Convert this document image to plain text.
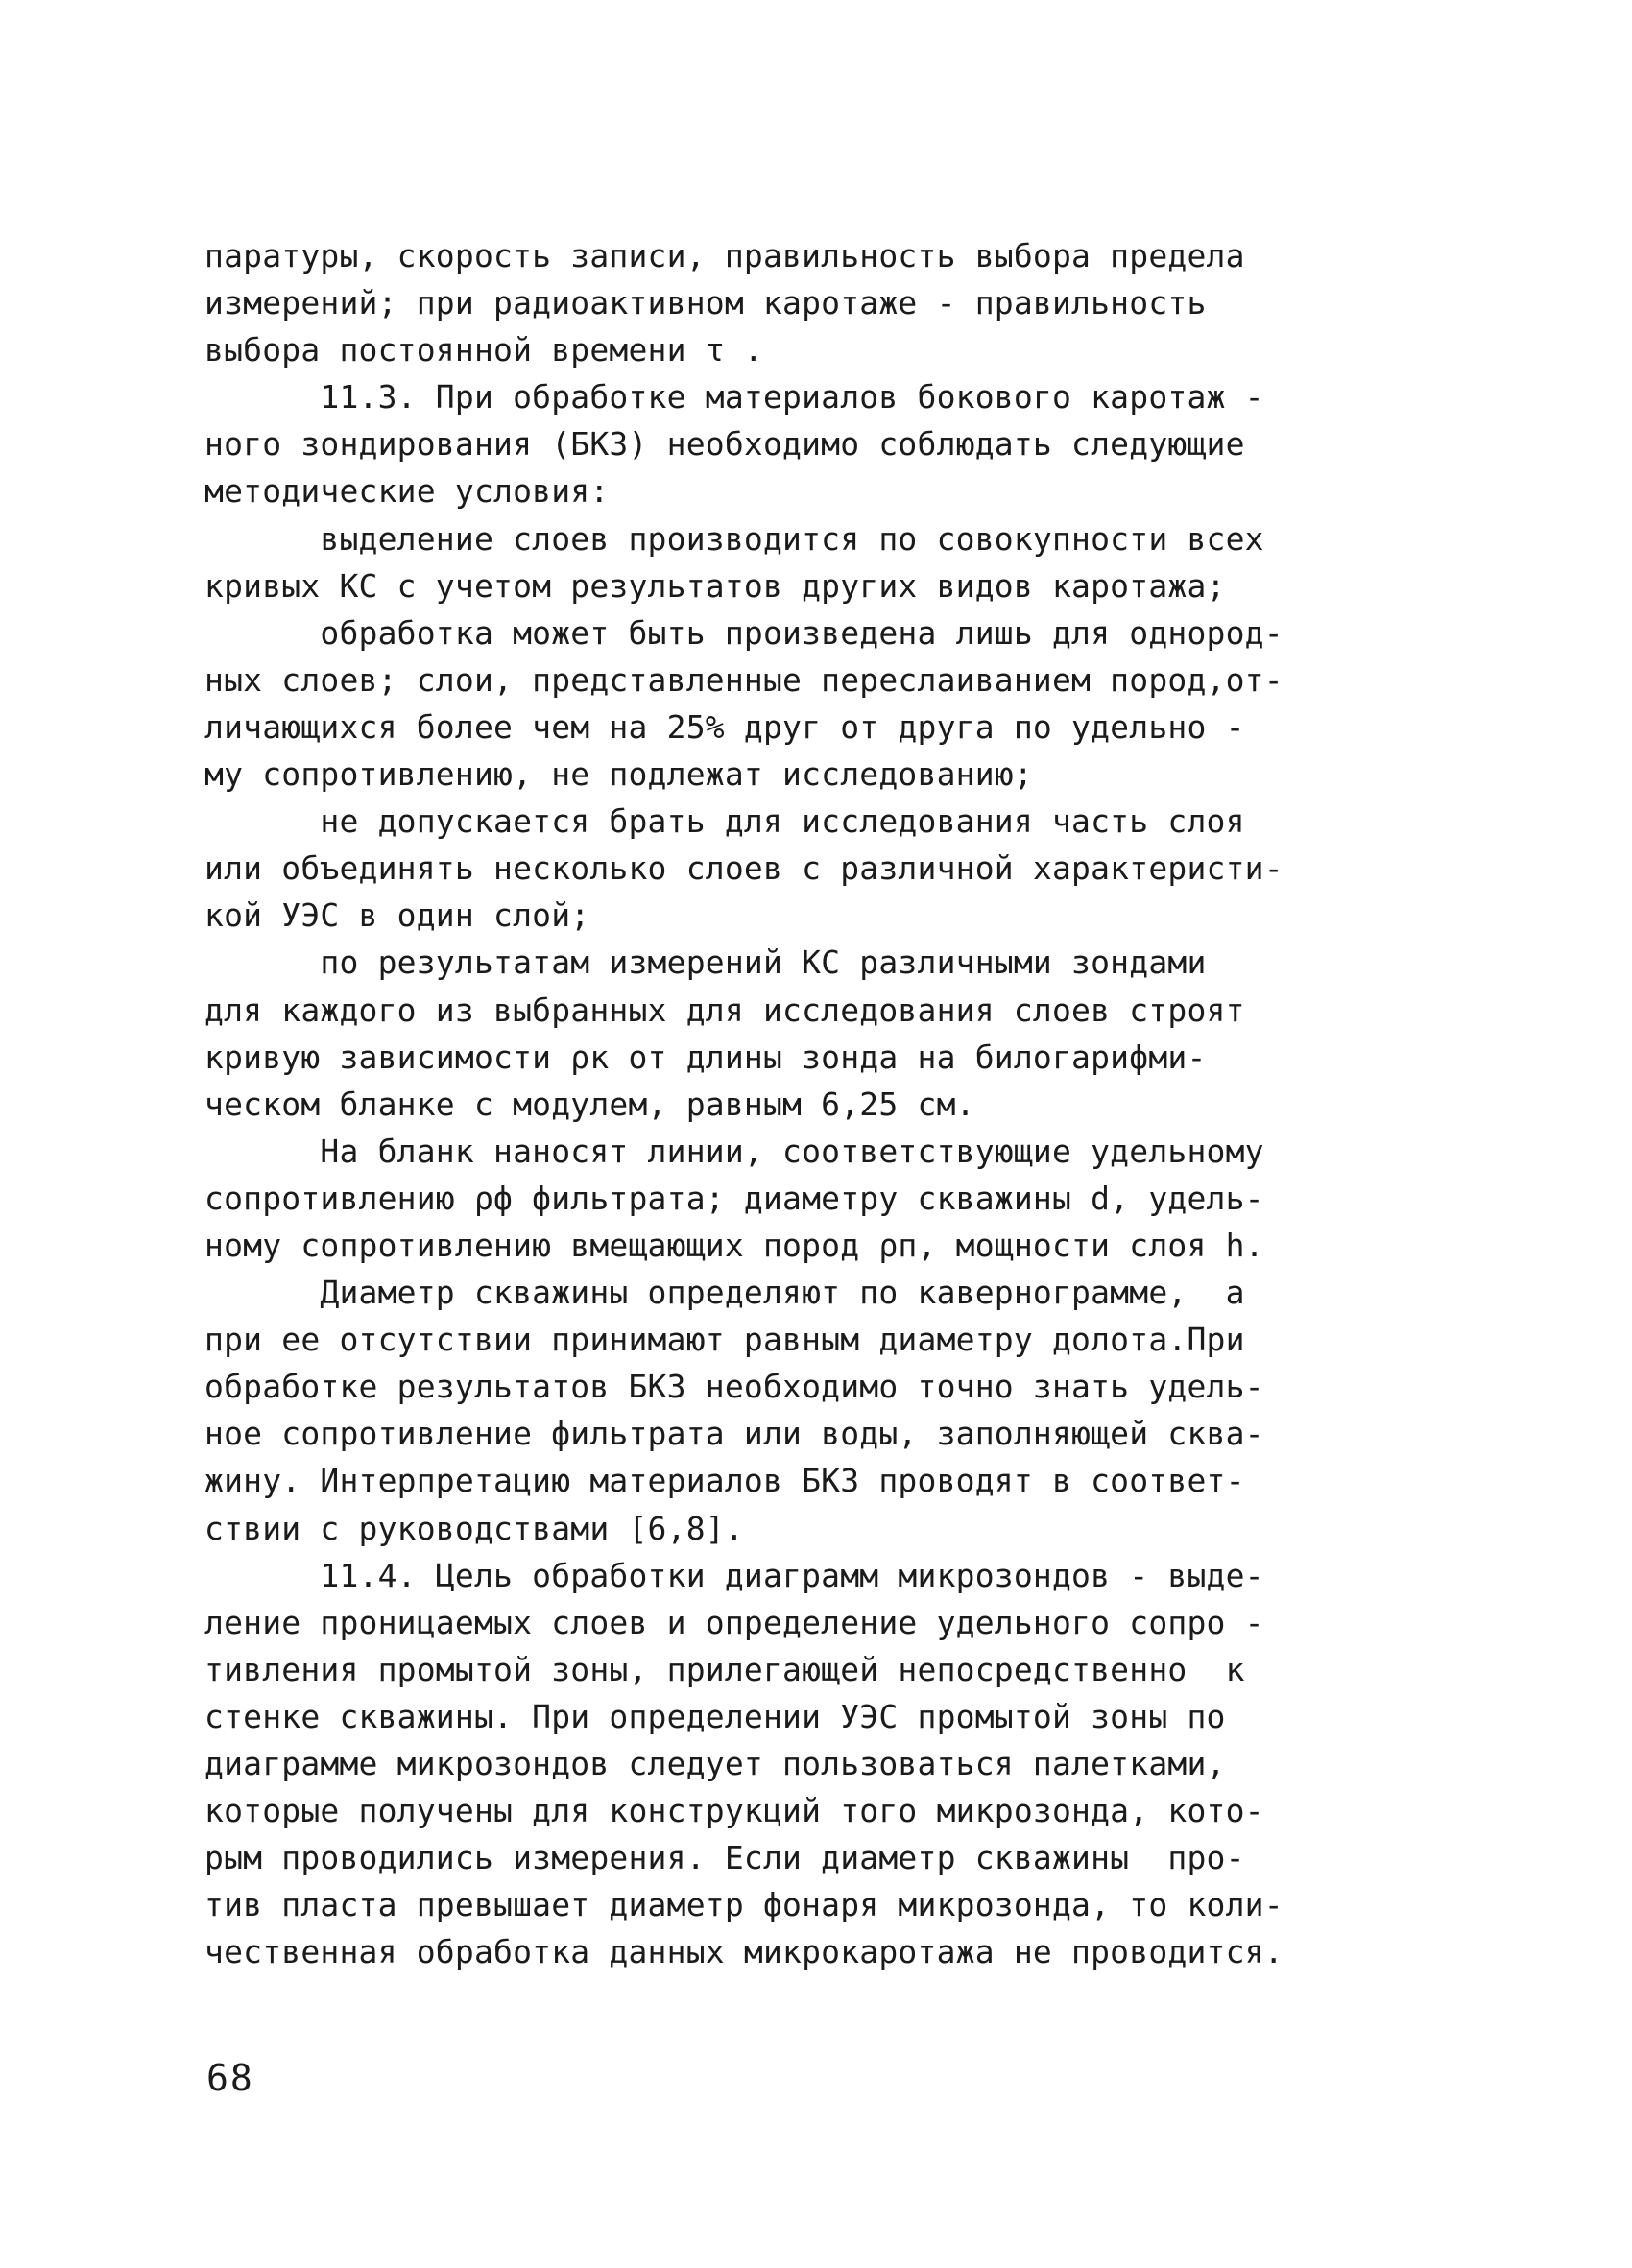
паратуры, скорость записи, правильность выбора предела
измерений; при радиоактивном каротаже - правильность
выбора постоянной времени τ .
11.3. При обработке материалов бокового каротаж -
ного зондирования (БКЗ) необходимо соблюдать следующие
методические условия:
выделение слоев производится по совокупности всех
кривых КС с учетом результатов других видов каротажа;
обработка может быть произведена лишь для однород-
ных слоев; слои, представленные переслаиванием пород,от-
личающихся более чем на 25% друг от друга по удельно -
му сопротивлению, не подлежат исследованию;
не допускается брать для исследования часть слоя
или объединять несколько слоев с различной характеристи-
кой УЭС в один слой;
по результатам измерений КС различными зондами
для каждого из выбранных для исследования слоев строят
кривую зависимости ρк от длины зонда на билогарифми-
ческом бланке с модулем, равным 6,25 см.
На бланк наносят линии, соответствующие удельному
сопротивлению ρф фильтрата; диаметру скважины d, удель-
ному сопротивлению вмещающих пород ρп, мощности слоя h.
Диаметр скважины определяют по кавернограмме,  а
при ее отсутствии принимают равным диаметру долота.При
обработке результатов БКЗ необходимо точно знать удель-
ное сопротивление фильтрата или воды, заполняющей сква-
жину. Интерпретацию материалов БКЗ проводят в соответ-
ствии с руководствами [6,8].
11.4. Цель обработки диаграмм микрозондов - выде-
ление проницаемых слоев и определение удельного сопро -
тивления промытой зоны, прилегающей непосредственно  к
стенке скважины. При определении УЭС промытой зоны по
диаграмме микрозондов следует пользоваться палетками,
которые получены для конструкций того микрозонда, кото-
рым проводились измерения. Если диаметр скважины  про-
тив пласта превышает диаметр фонаря микрозонда, то коли-
чественная обработка данных микрокаротажа не проводится.
68
